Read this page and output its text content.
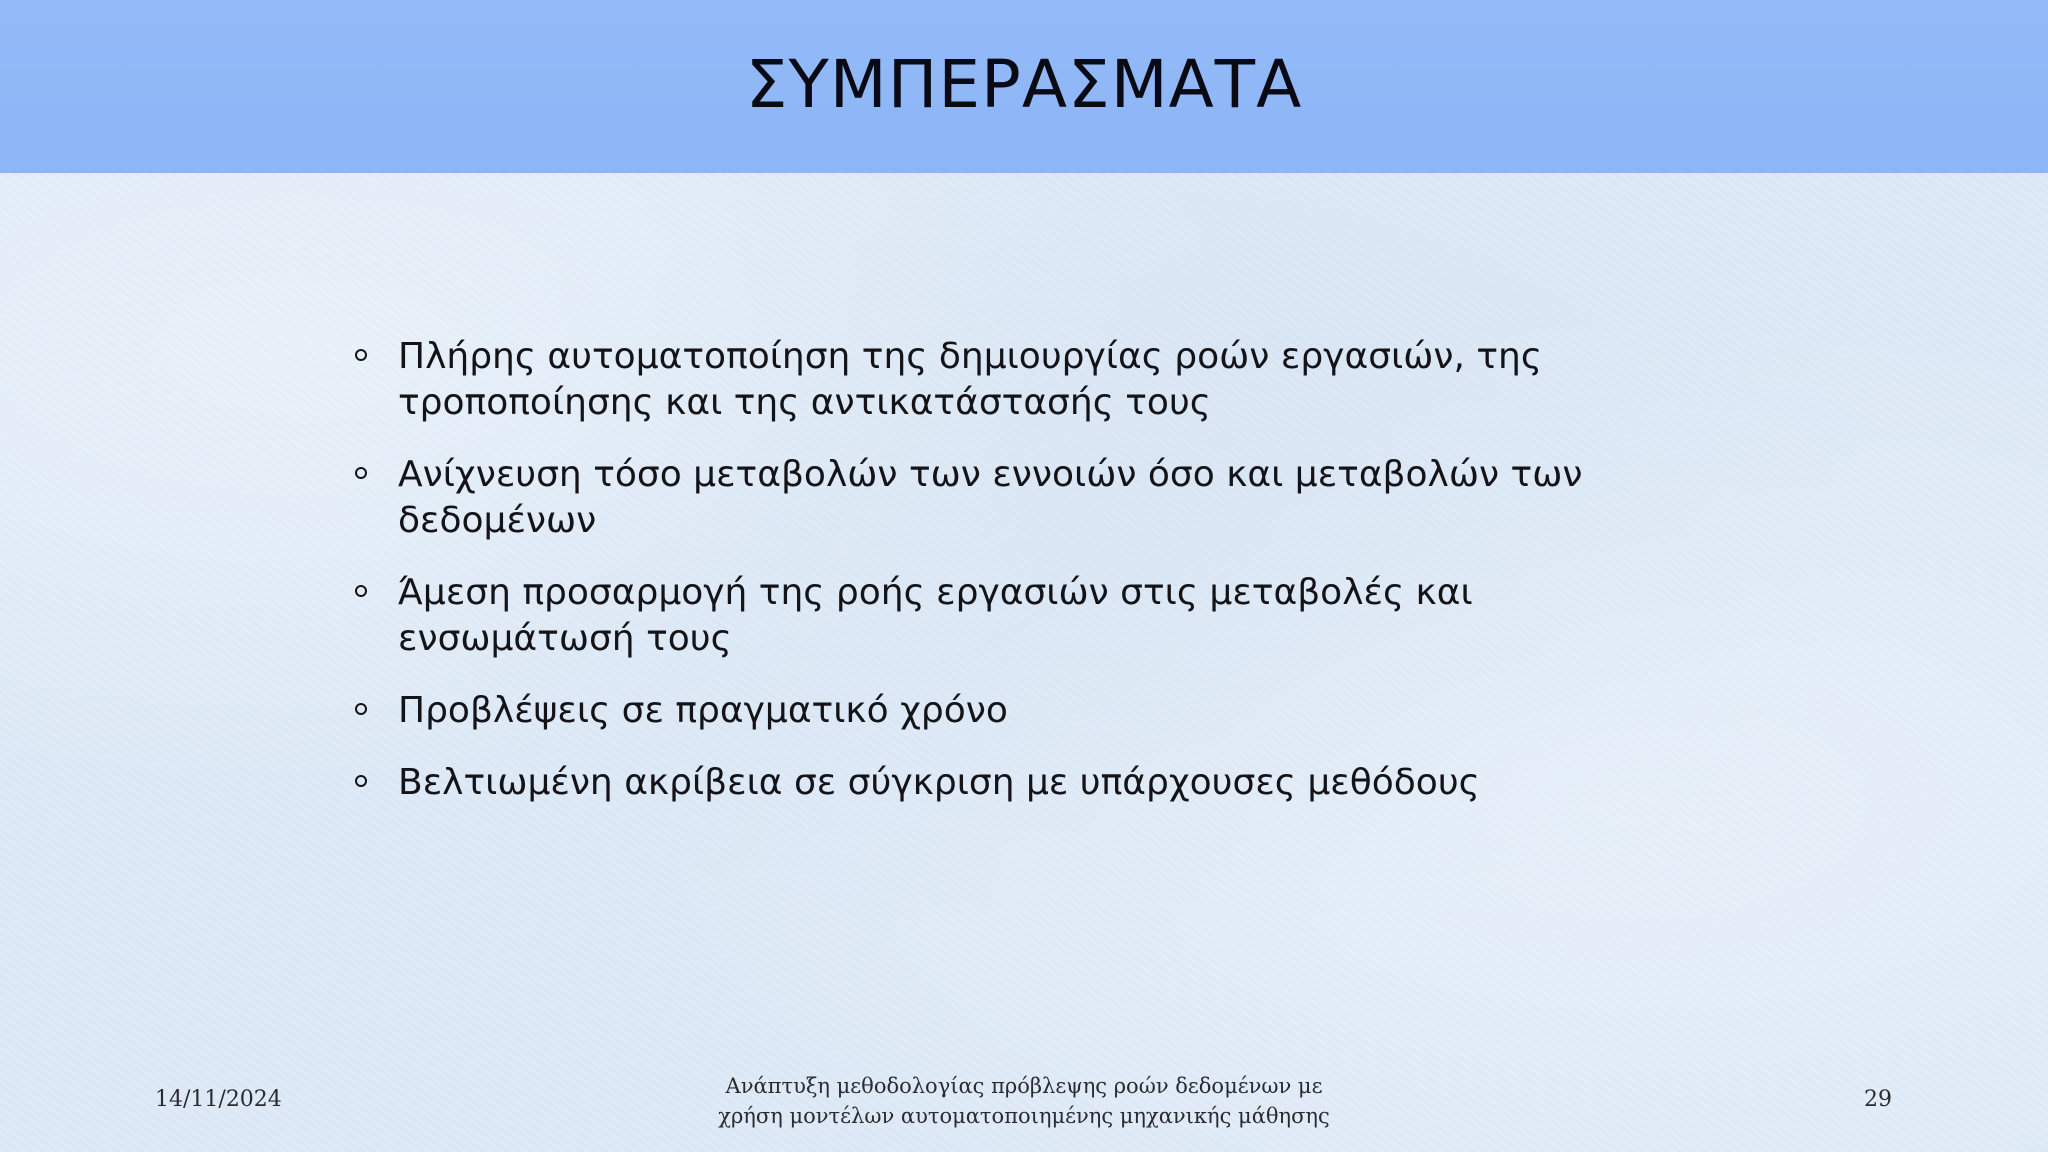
ΣΥΜΠΕΡΑΣΜΑΤΑ
Πλήρης αυτοματοποίηση της δημιουργίας ροών εργασιών, της τροποποίησης και της αντικατάστασής τους
Ανίχνευση τόσο μεταβολών των εννοιών όσο και μεταβολών των δεδομένων
Άμεση προσαρμογή της ροής εργασιών στις μεταβολές και ενσωμάτωσή τους
Προβλέψεις σε πραγματικό χρόνο
Βελτιωμένη ακρίβεια σε σύγκριση με υπάρχουσες μεθόδους
14/11/2024
Ανάπτυξη μεθοδολογίας πρόβλεψης ροών δεδομένων με
χρήση μοντέλων αυτοματοποιημένης μηχανικής μάθησης
29
